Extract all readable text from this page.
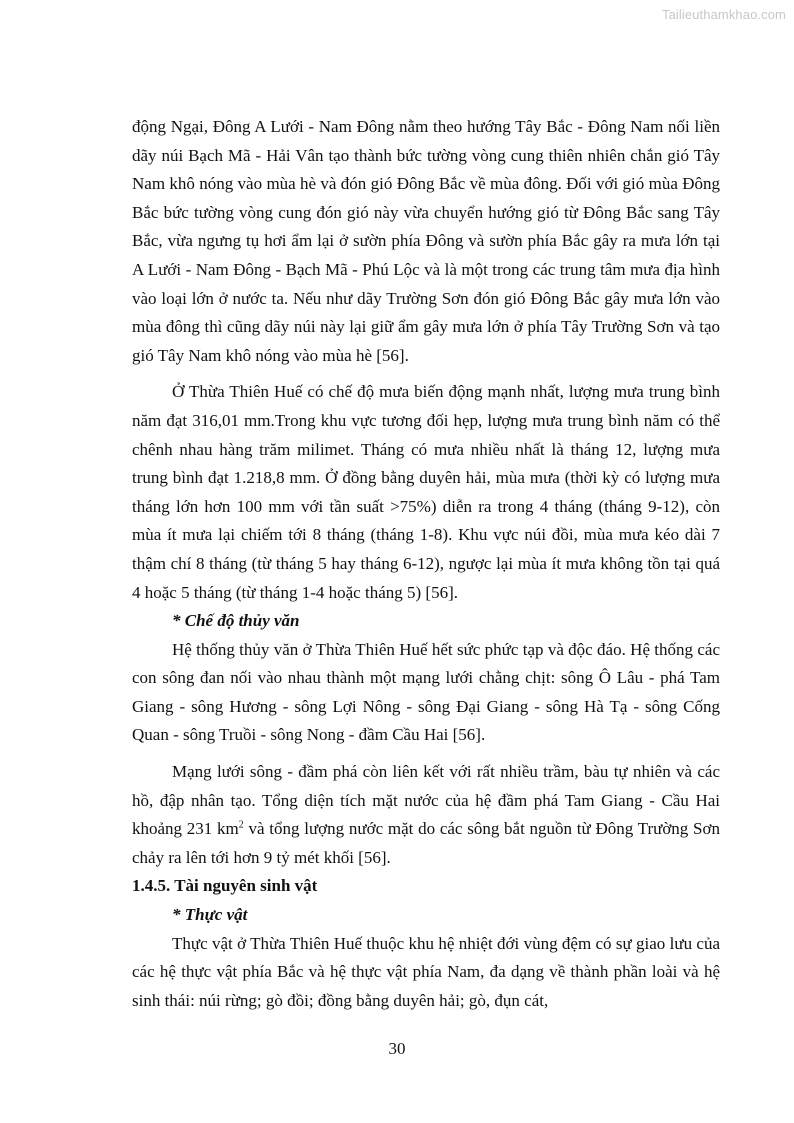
Tailieuthamkhao.com

động Ngại, Đông A Lưới - Nam Đông nằm theo hướng Tây Bắc - Đông Nam nối liền dãy núi Bạch Mã - Hải Vân tạo thành bức tường vòng cung thiên nhiên chắn gió Tây Nam khô nóng vào mùa hè và đón gió Đông Bắc về mùa đông. Đối với gió mùa Đông Bắc bức tường vòng cung đón gió này vừa chuyển hướng gió từ Đông Bắc sang Tây Bắc, vừa ngưng tụ hơi ẩm lại ở sườn phía Đông và sườn phía Bắc gây ra mưa lớn tại A Lưới - Nam Đông - Bạch Mã - Phú Lộc và là một trong các trung tâm mưa địa hình vào loại lớn ở nước ta. Nếu như dãy Trường Sơn đón gió Đông Bắc gây mưa lớn vào mùa đông thì cũng dãy núi này lại giữ ẩm gây mưa lớn ở phía Tây Trường Sơn và tạo gió Tây Nam khô nóng vào mùa hè [56].

Ở Thừa Thiên Huế có chế độ mưa biến động mạnh nhất, lượng mưa trung bình năm đạt 316,01 mm.Trong khu vực tương đối hẹp, lượng mưa trung bình năm có thể chênh nhau hàng trăm milimet. Tháng có mưa nhiều nhất là tháng 12, lượng mưa trung bình đạt 1.218,8 mm. Ở đồng bằng duyên hải, mùa mưa (thời kỳ có lượng mưa tháng lớn hơn 100 mm với tần suất >75%) diễn ra trong 4 tháng (tháng 9-12), còn mùa ít mưa lại chiếm tới 8 tháng (tháng 1-8). Khu vực núi đồi, mùa mưa kéo dài 7 thậm chí 8 tháng (từ tháng 5 hay tháng 6-12), ngược lại mùa ít mưa không tồn tại quá 4 hoặc 5 tháng (từ tháng 1-4 hoặc tháng 5) [56].

* Chế độ thủy văn

Hệ thống thủy văn ở Thừa Thiên Huế hết sức phức tạp và độc đáo. Hệ thống các con sông đan nối vào nhau thành một mạng lưới chằng chịt: sông Ô Lâu - phá Tam Giang - sông Hương - sông Lợi Nông - sông Đại Giang - sông Hà Tạ - sông Cống Quan - sông Truồi - sông Nong - đầm Cầu Hai [56].

Mạng lưới sông - đầm phá còn liên kết với rất nhiều trầm, bàu tự nhiên và các hồ, đập nhân tạo. Tổng diện tích mặt nước của hệ đầm phá Tam Giang - Cầu Hai khoảng 231 $km^2$ và tổng lượng nước mặt do các sông bắt nguồn từ Đông Trường Sơn chảy ra lên tới hơn 9 tỷ mét khối [56].

1.4.5. Tài nguyên sinh vật

* Thực vật

Thực vật ở Thừa Thiên Huế thuộc khu hệ nhiệt đới vùng đệm có sự giao lưu của các hệ thực vật phía Bắc và hệ thực vật phía Nam, đa dạng về thành phần loài và hệ sinh thái: núi rừng; gò đồi; đồng bằng duyên hải; gò, đụn cát,

30
